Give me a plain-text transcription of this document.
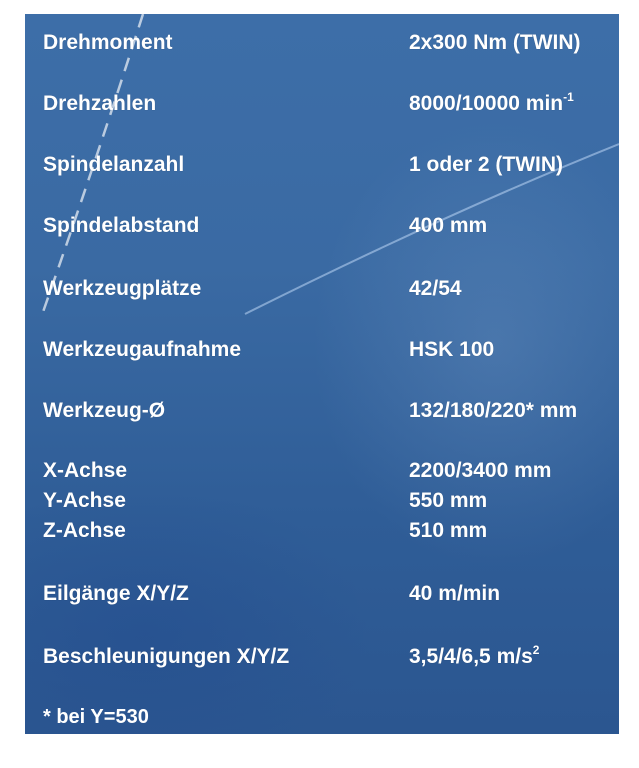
Drehmoment	2x300 Nm (TWIN)
Drehzahlen	8000/10000 $\min^{-1}$
Spindelanzahl	1 oder 2 (TWIN)
Spindelabstand	400 mm
Werkzeugplätze	42/54
Werkzeugaufnahme	HSK 100
Werkzeug-Ø	132/180/220* mm
X-Achse	2200/3400 mm
Y-Achse	550 mm
Z-Achse	510 mm
Eilgänge X/Y/Z	40 m/min
Beschleunigungen X/Y/Z	3,5/4/6,5 $m/s^2$
* bei Y=530
